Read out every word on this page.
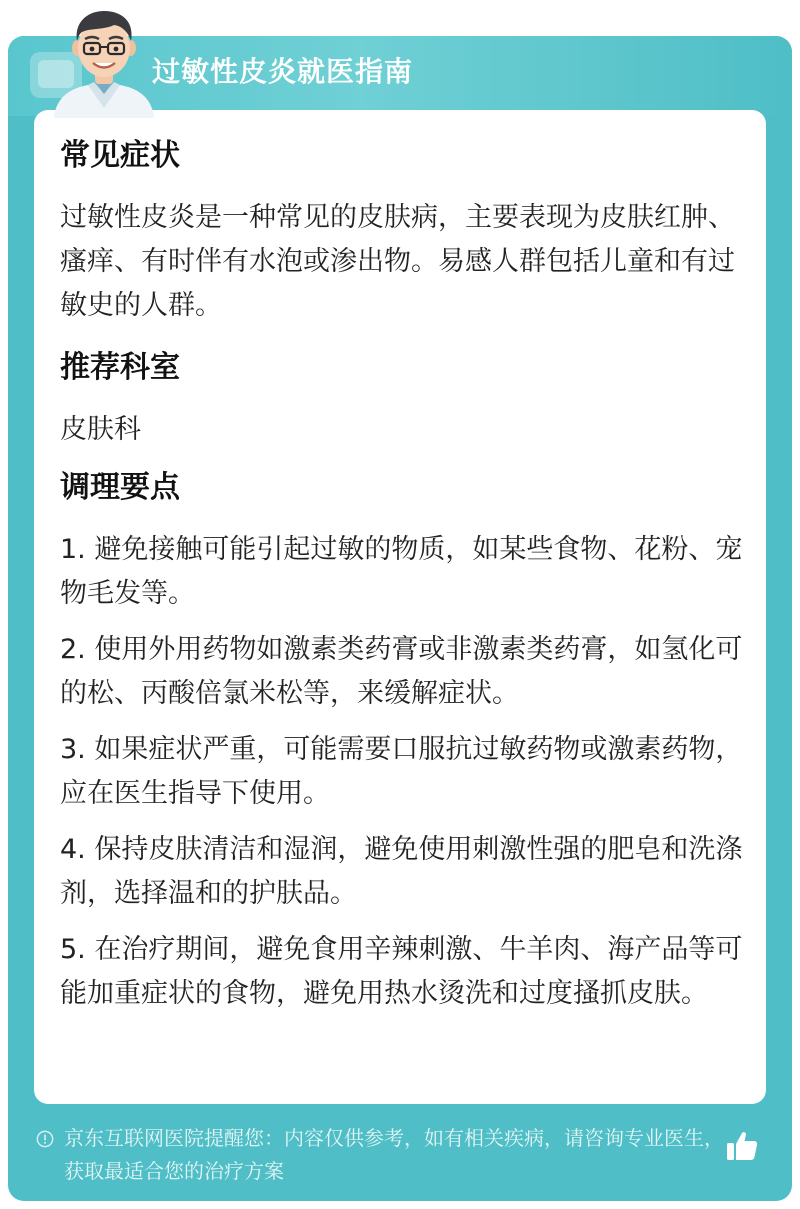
过敏性皮炎就医指南
常见症状

过敏性皮炎是一种常见的皮肤病，主要表现为皮肤红肿、瘙痒、有时伴有水泡或渗出物。易感人群包括儿童和有过敏史的人群。

推荐科室

皮肤科

调理要点

1. 避免接触可能引起过敏的物质，如某些食物、花粉、宠物毛发等。

2. 使用外用药物如激素类药膏或非激素类药膏，如氢化可的松、丙酸倍氯米松等，来缓解症状。

3. 如果症状严重，可能需要口服抗过敏药物或激素药物，应在医生指导下使用。

4. 保持皮肤清洁和湿润，避免使用刺激性强的肥皂和洗涤剂，选择温和的护肤品。

5. 在治疗期间，避免食用辛辣刺激、牛羊肉、海产品等可能加重症状的食物，避免用热水烫洗和过度搔抓皮肤。

京东互联网医院提醒您：内容仅供参考，如有相关疾病，请咨询专业医生，获取最适合您的治疗方案
